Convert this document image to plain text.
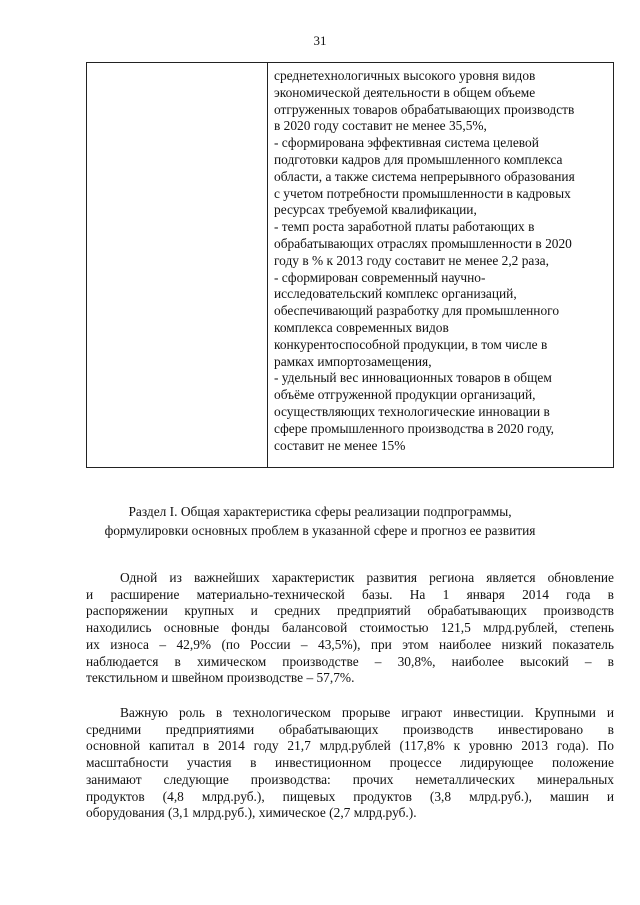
31
среднетехнологичных высокого уровня видов
экономической деятельности в общем объеме
отгруженных товаров обрабатывающих производств
в 2020 году составит не менее 35,5%,
- сформирована эффективная система целевой
подготовки кадров для промышленного комплекса
области, а также система непрерывного образования
с учетом потребности промышленности в кадровых
ресурсах требуемой квалификации,
- темп роста заработной платы работающих в
обрабатывающих отраслях промышленности в 2020
году в % к 2013 году составит не менее 2,2 раза,
- сформирован современный научно-
исследовательский комплекс организаций,
обеспечивающий разработку для промышленного
комплекса современных видов
конкурентоспособной продукции, в том числе в
рамках импортозамещения,
- удельный вес инновационных товаров в общем
объёме отгруженной продукции организаций,
осуществляющих технологические инновации в
сфере промышленного производства в 2020 году,
составит не менее 15%
Раздел I. Общая характеристика сферы реализации подпрограммы,
формулировки основных проблем в указанной сфере и прогноз ее развития
Одной из важнейших характеристик развития региона является обновление
и расширение материально-технической базы. На 1 января 2014 года в
распоряжении крупных и средних предприятий обрабатывающих производств
находились основные фонды балансовой стоимостью 121,5 млрд.рублей, степень
их износа – 42,9% (по России – 43,5%), при этом наиболее низкий показатель
наблюдается в химическом производстве – 30,8%, наиболее высокий – в
текстильном и швейном производстве – 57,7%.
Важную роль в технологическом прорыве играют инвестиции. Крупными и
средними предприятиями обрабатывающих производств инвестировано в
основной капитал в 2014 году 21,7 млрд.рублей (117,8% к уровню 2013 года). По
масштабности участия в инвестиционном процессе лидирующее положение
занимают следующие производства: прочих неметаллических минеральных
продуктов (4,8 млрд.руб.), пищевых продуктов (3,8 млрд.руб.), машин и
оборудования (3,1 млрд.руб.), химическое (2,7 млрд.руб.).
